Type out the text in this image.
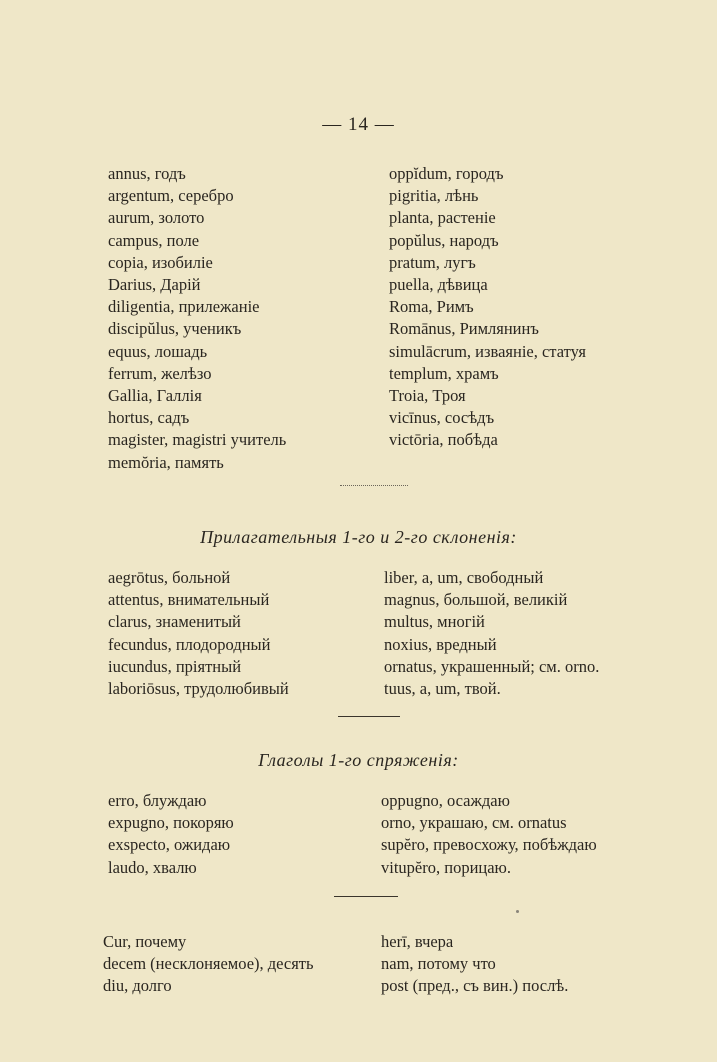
— 14 —
annus, годъ
argentum, серебро
aurum, золото
campus, поле
copia, изобиліе
Darius, Дарій
diligentia, прилежаніе
discipŭlus, ученикъ
equus, лошадь
ferrum, желѣзо
Gallia, Галлія
hortus, садъ
magister, magistri учитель
memŏria, память
oppĭdum, городъ
pigritia, лѣнь
planta, растеніе
popŭlus, народъ
pratum, лугъ
puella, дѣвица
Roma, Римъ
Romānus, Римлянинъ
simulācrum, изваяніе, статуя
templum, храмъ
Troia, Троя
vicīnus, сосѣдъ
victōria, побѣда
Прилагательныя 1-го и 2-го склоненія:
aegrōtus, больной
attentus, внимательный
clarus, знаменитый
fecundus, плодородный
iucundus, пріятный
laboriōsus, трудолюбивый
liber, a, um, свободный
magnus, большой, великій
multus, многій
noxius, вредный
ornatus, украшенный; см. orno.
tuus, a, um, твой.
Глаголы 1-го спряженія:
erro, блуждаю
expugno, покоряю
exspecto, ожидаю
laudo, хвалю
oppugno, осаждаю
orno, украшаю, см. ornatus
supĕro, превосхожу, побѣждаю
vitupĕro, порицаю.
Cur, почему
decem (несклоняемое), десять
diu, долго
herī, вчера
nam, потому что
post (пред., съ вин.) послѣ.
